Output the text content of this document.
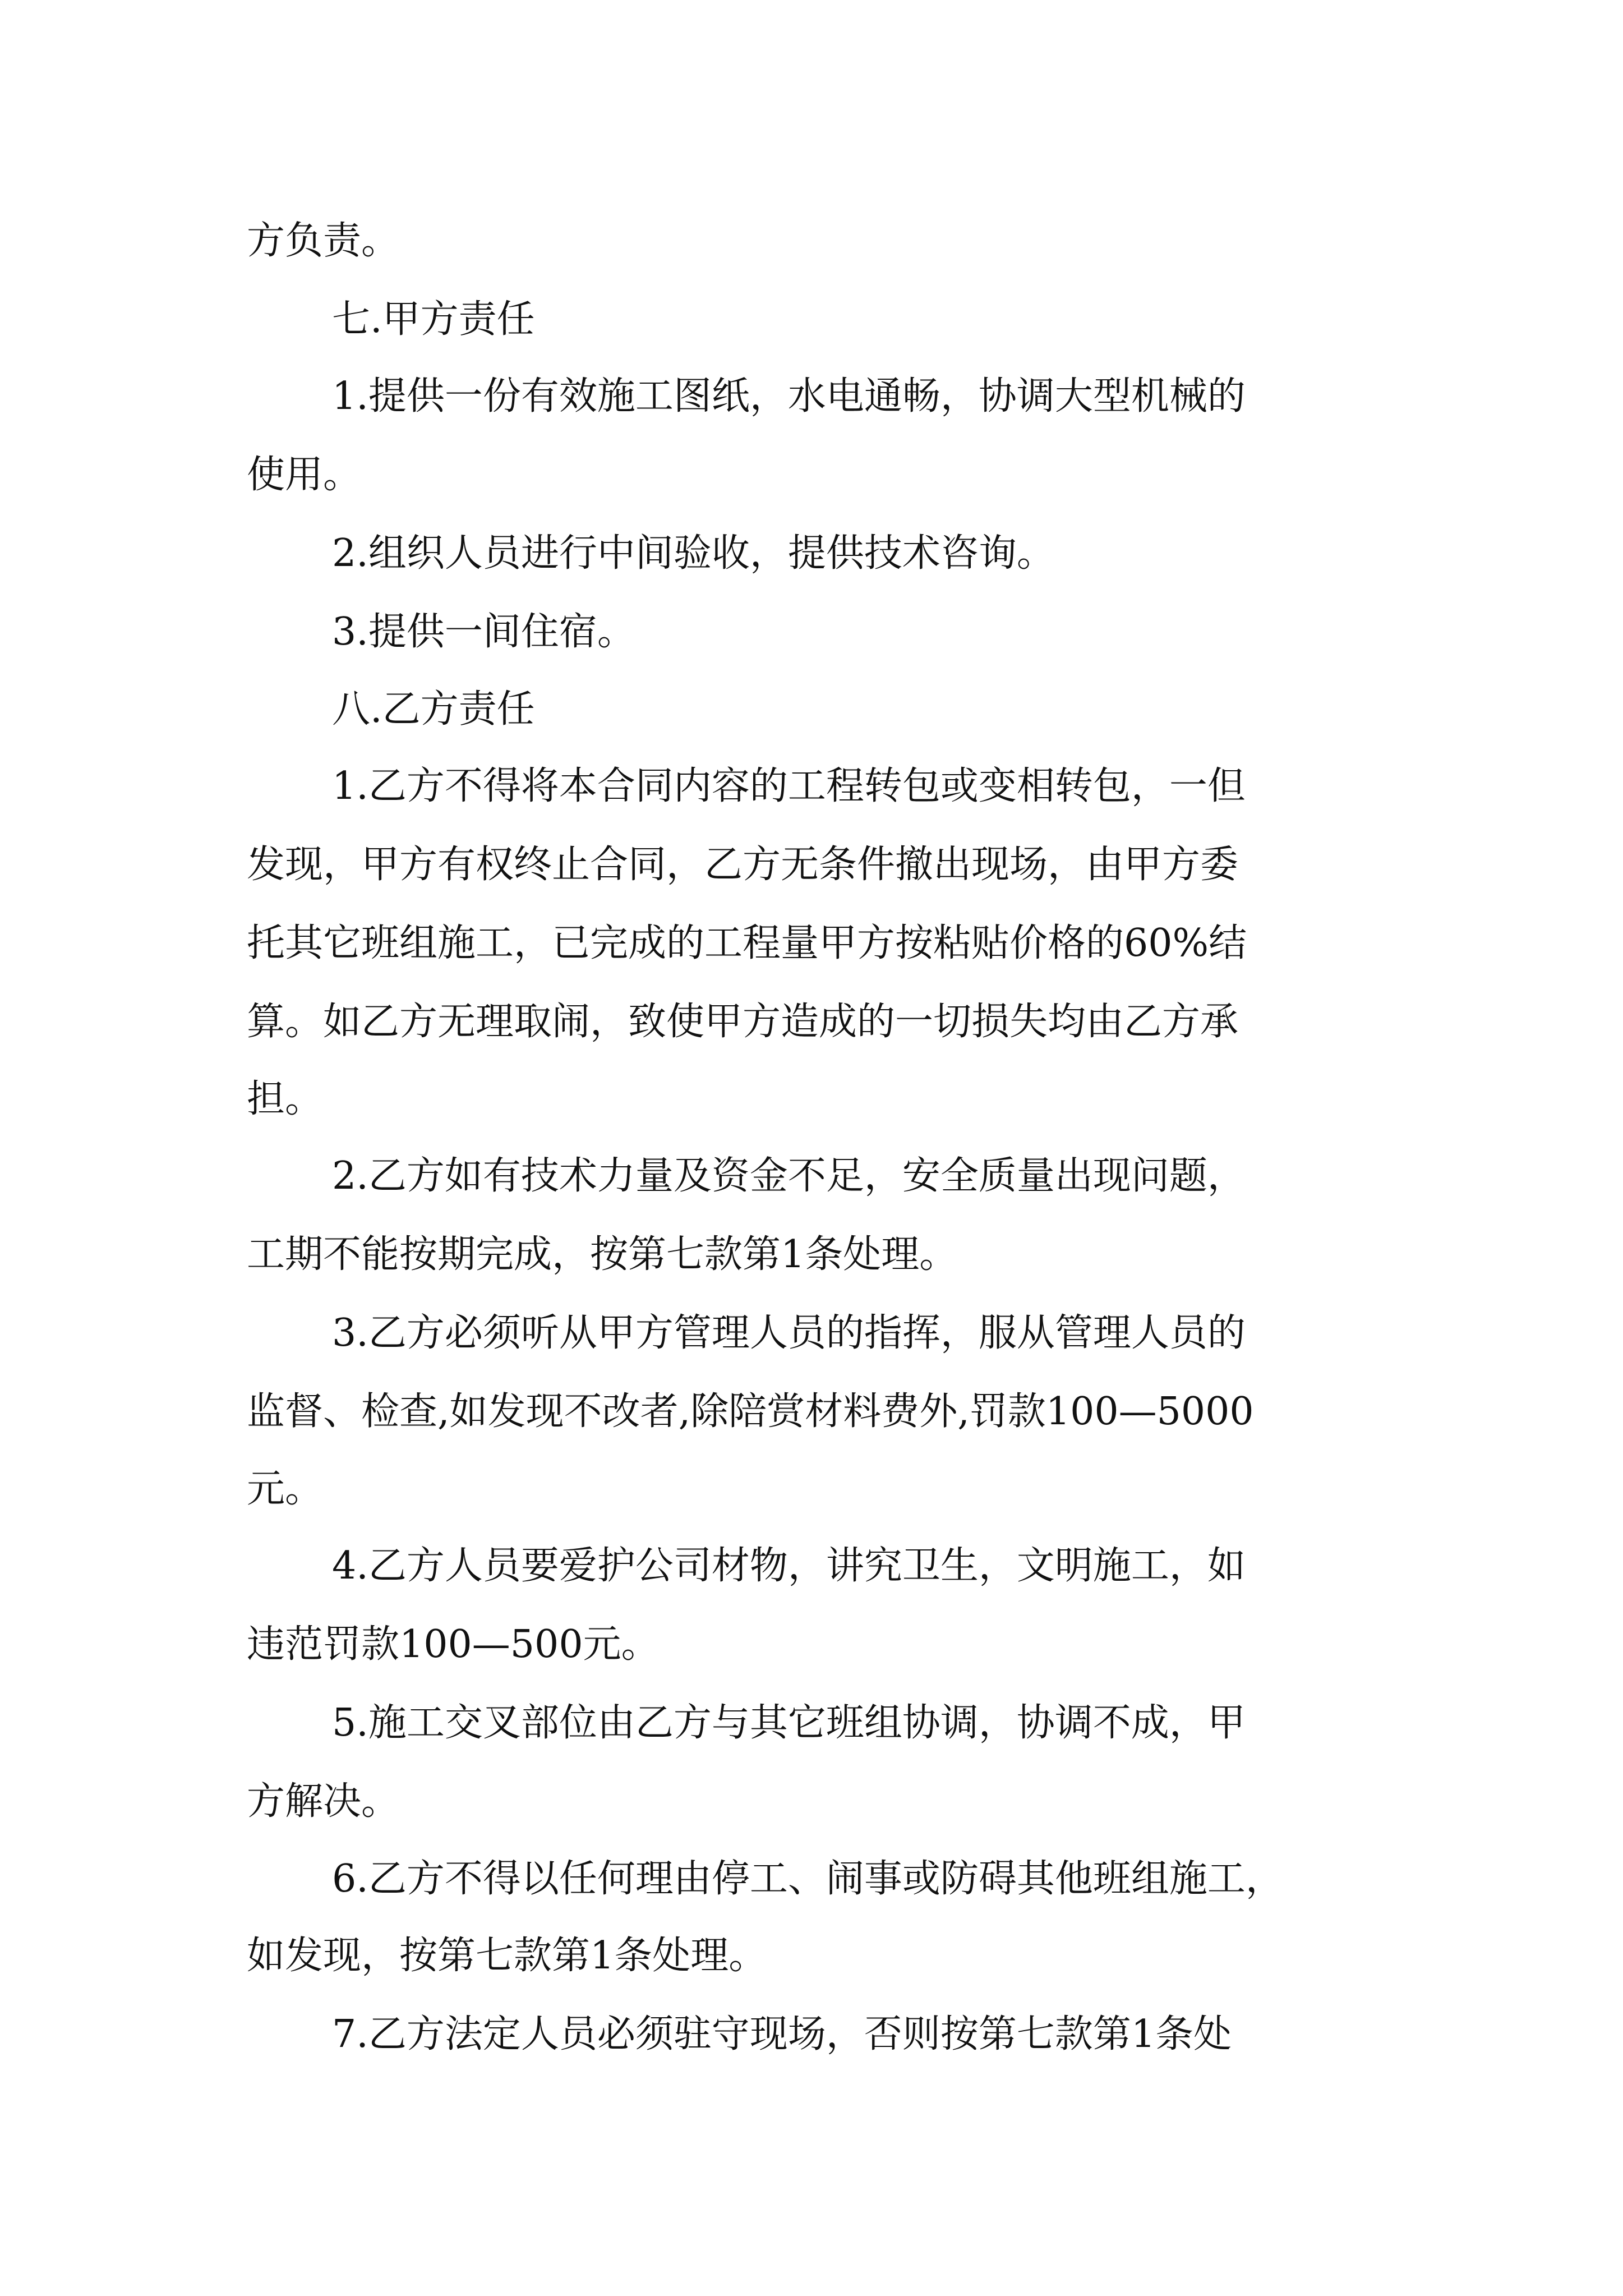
方负责。

七.甲方责任

1.提供一份有效施工图纸，水电通畅，协调大型机械的

使用。

2.组织人员进行中间验收，提供技术咨询。

3.提供一间住宿。

八.乙方责任

1.乙方不得将本合同内容的工程转包或变相转包，一但

发现，甲方有权终止合同，乙方无条件撤出现场，由甲方委

托其它班组施工，已完成的工程量甲方按粘贴价格的60%结

算。如乙方无理取闹，致使甲方造成的一切损失均由乙方承

担。

2.乙方如有技术力量及资金不足，安全质量出现问题，

工期不能按期完成，按第七款第1条处理。

3.乙方必须听从甲方管理人员的指挥，服从管理人员的

监督、检查,如发现不改者,除陪赏材料费外,罚款100—5000

元。

4.乙方人员要爱护公司材物，讲究卫生，文明施工，如

违范罚款100—500元。

5.施工交叉部位由乙方与其它班组协调，协调不成，甲

方解决。

6.乙方不得以任何理由停工、闹事或防碍其他班组施工，

如发现，按第七款第1条处理。

7.乙方法定人员必须驻守现场，否则按第七款第1条处
